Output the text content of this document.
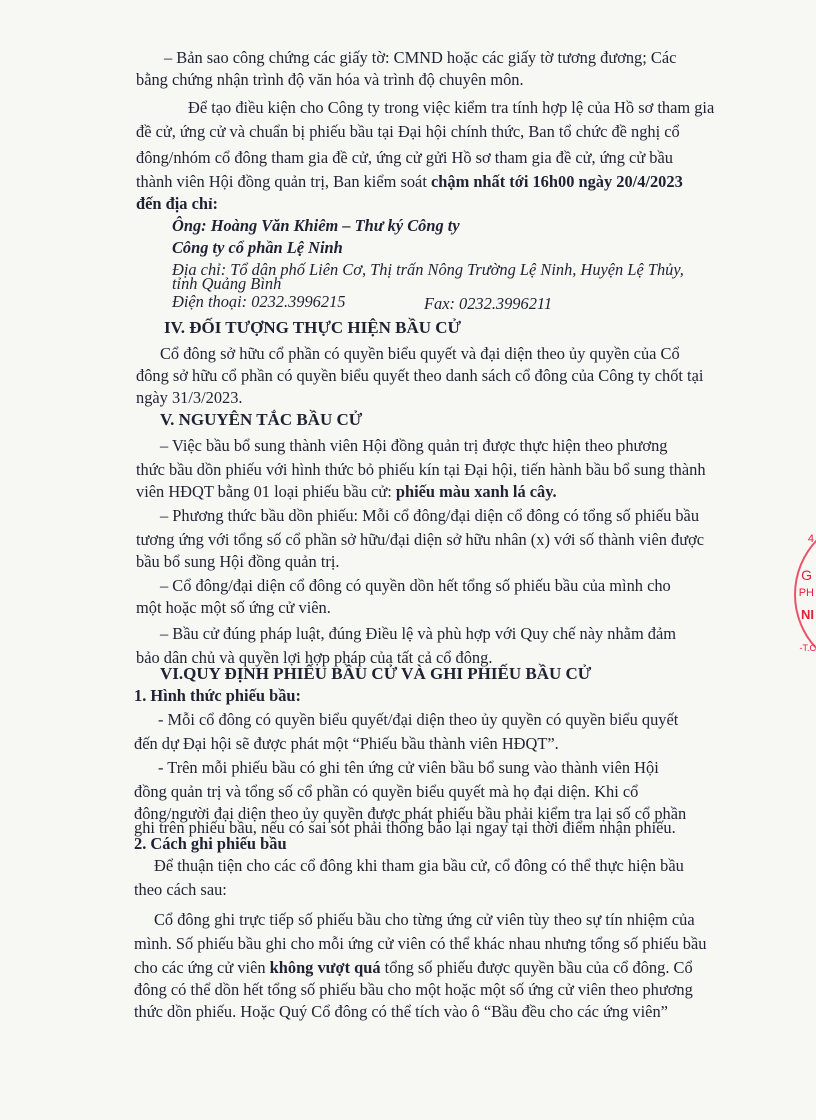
– Bản sao công chứng các giấy tờ: CMND hoặc các giấy tờ tương đương; Các
bằng chứng nhận trình độ văn hóa và trình độ chuyên môn.
Để tạo điều kiện cho Công ty trong việc kiểm tra tính hợp lệ của Hồ sơ tham gia
đề cử, ứng cử và chuẩn bị phiếu bầu tại Đại hội chính thức, Ban tổ chức đề nghị cổ
đông/nhóm cổ đông tham gia đề cử, ứng cử gửi Hồ sơ tham gia đề cử, ứng cử bầu
thành viên Hội đồng quản trị, Ban kiểm soát chậm nhất tới 16h00 ngày 20/4/2023
đến địa chỉ:
Ông: Hoàng Văn Khiêm – Thư ký Công ty
Công ty cổ phần Lệ Ninh
Địa chỉ: Tổ dân phố Liên Cơ, Thị trấn Nông Trường Lệ Ninh, Huyện Lệ Thủy,
tỉnh Quảng Bình
Điện thoại: 0232.3996215	Fax: 0232.3996211
IV. ĐỐI TƯỢNG THỰC HIỆN BẦU CỬ
Cổ đông sở hữu cổ phần có quyền biểu quyết và đại diện theo ủy quyền của Cổ
đông sở hữu cổ phần có quyền biểu quyết theo danh sách cổ đông của Công ty chốt tại
ngày 31/3/2023.
V. NGUYÊN TẮC BẦU CỬ
– Việc bầu bổ sung thành viên Hội đồng quản trị được thực hiện theo phương
thức bầu dồn phiếu với hình thức bỏ phiếu kín tại Đại hội, tiến hành bầu bổ sung thành
viên HĐQT bằng 01 loại phiếu bầu cử: phiếu màu xanh lá cây.
– Phương thức bầu dồn phiếu: Mỗi cổ đông/đại diện cổ đông có tổng số phiếu bầu
tương ứng với tổng số cổ phần sở hữu/đại diện sở hữu nhân (x) với số thành viên được
bầu bổ sung Hội đồng quản trị.
– Cổ đông/đại diện cổ đông có quyền dồn hết tổng số phiếu bầu của mình cho
một hoặc một số ứng cử viên.
– Bầu cử đúng pháp luật, đúng Điều lệ và phù hợp với Quy chế này nhằm đảm
bảo dân chủ và quyền lợi hợp pháp của tất cả cổ đông.
VI.QUY ĐỊNH PHIẾU BẦU CỬ VÀ GHI PHIẾU BẦU CỬ
1. Hình thức phiếu bầu:
- Mỗi cổ đông có quyền biểu quyết/đại diện theo ủy quyền có quyền biểu quyết
đến dự Đại hội sẽ được phát một “Phiếu bầu thành viên HĐQT”.
- Trên mỗi phiếu bầu có ghi tên ứng cử viên bầu bổ sung vào thành viên Hội
đồng quản trị và tổng số cổ phần có quyền biểu quyết mà họ đại diện. Khi cổ
đông/người đại diện theo ủy quyền được phát phiếu bầu phải kiểm tra lại số cổ phần
ghi trên phiếu bầu, nếu có sai sót phải thông báo lại ngay tại thời điểm nhận phiếu.
2. Cách ghi phiếu bầu
Để thuận tiện cho các cổ đông khi tham gia bầu cử, cổ đông có thể thực hiện bầu
theo cách sau:
Cổ đông ghi trực tiếp số phiếu bầu cho từng ứng cử viên tùy theo sự tín nhiệm của
mình. Số phiếu bầu ghi cho mỗi ứng cử viên có thể khác nhau nhưng tổng số phiếu bầu
cho các ứng cử viên không vượt quá tổng số phiếu được quyền bầu của cổ đông. Cổ
đông có thể dồn hết tổng số phiếu bầu cho một hoặc một số ứng cử viên theo phương
thức dồn phiếu. Hoặc Quý Cổ đông có thể tích vào ô “Bầu đều cho các ứng viên”
4
G
PH
NI
-T.C
